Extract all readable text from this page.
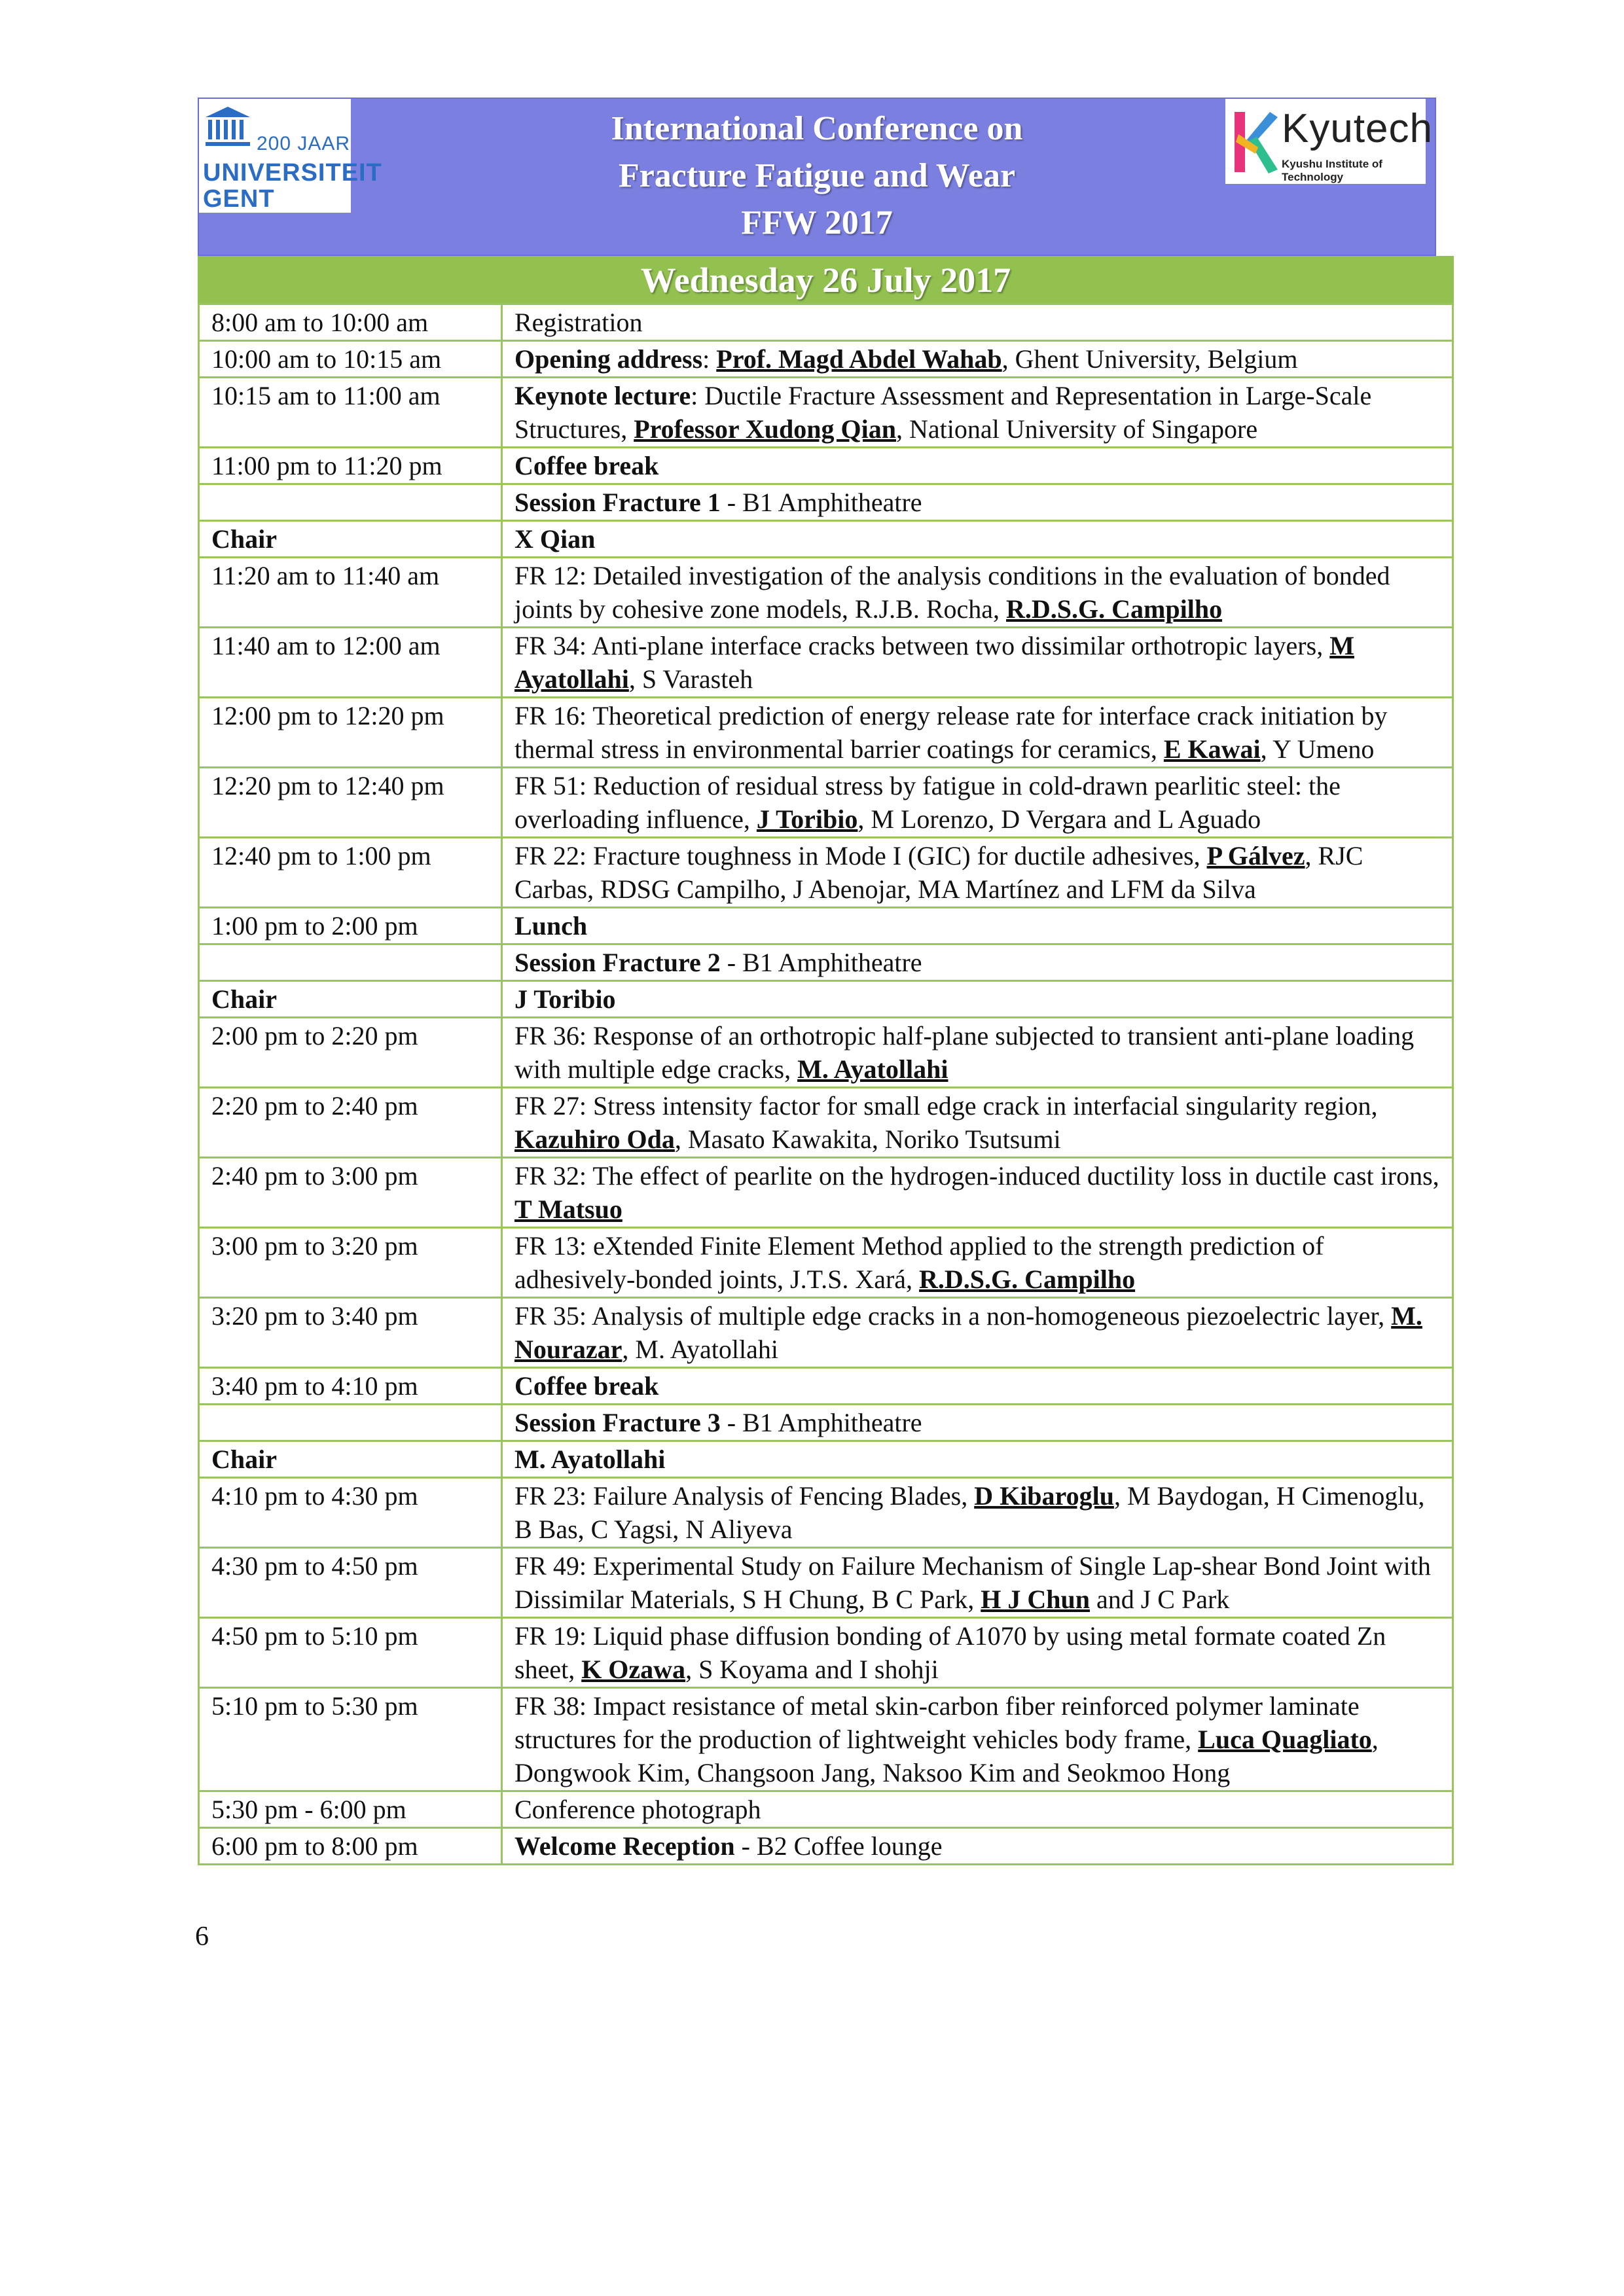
200 JAAR
UNIVERSITEIT
GENT
International Conference on
Fracture Fatigue and Wear
FFW 2017
Kyutech
Kyushu Institute of Technology
Wednesday 26 July 2017
8:00 am to 10:00 am	Registration
10:00 am to 10:15 am	Opening address: Prof. Magd Abdel Wahab, Ghent University, Belgium
10:15 am to 11:00 am	Keynote lecture: Ductile Fracture Assessment and Representation in Large-Scale Structures, Professor Xudong Qian, National University of Singapore
11:00 pm to 11:20 pm	Coffee break
	Session Fracture 1 - B1 Amphitheatre
Chair	X Qian
11:20 am to 11:40 am	FR 12: Detailed investigation of the analysis conditions in the evaluation of bonded joints by cohesive zone models, R.J.B. Rocha, R.D.S.G. Campilho
11:40 am to 12:00 am	FR 34: Anti-plane interface cracks between two dissimilar orthotropic layers, M Ayatollahi, S Varasteh
12:00 pm to 12:20 pm	FR 16: Theoretical prediction of energy release rate for interface crack initiation by thermal stress in environmental barrier coatings for ceramics, E Kawai, Y Umeno
12:20 pm to 12:40 pm	FR 51: Reduction of residual stress by fatigue in cold-drawn pearlitic steel: the overloading influence, J Toribio, M Lorenzo, D Vergara and L Aguado
12:40 pm to 1:00 pm	FR 22: Fracture toughness in Mode I (GIC) for ductile adhesives, P Gálvez, RJC Carbas, RDSG Campilho, J Abenojar, MA Martínez and LFM da Silva
1:00 pm to 2:00 pm	Lunch
	Session Fracture 2 - B1 Amphitheatre
Chair	J Toribio
2:00 pm to 2:20 pm	FR 36: Response of an orthotropic half-plane subjected to transient anti-plane loading with multiple edge cracks, M. Ayatollahi
2:20 pm to 2:40 pm	FR 27: Stress intensity factor for small edge crack in interfacial singularity region, Kazuhiro Oda, Masato Kawakita, Noriko Tsutsumi
2:40 pm to 3:00 pm	FR 32: The effect of pearlite on the hydrogen-induced ductility loss in ductile cast irons, T Matsuo
3:00 pm to 3:20 pm	FR 13: eXtended Finite Element Method applied to the strength prediction of adhesively-bonded joints, J.T.S. Xará, R.D.S.G. Campilho
3:20 pm to 3:40 pm	FR 35: Analysis of multiple edge cracks in a non-homogeneous piezoelectric layer, M. Nourazar, M. Ayatollahi
3:40 pm to 4:10 pm	Coffee break
	Session Fracture 3 - B1 Amphitheatre
Chair	M. Ayatollahi
4:10 pm to 4:30 pm	FR 23: Failure Analysis of Fencing Blades, D Kibaroglu, M Baydogan, H Cimenoglu, B Bas, C Yagsi, N Aliyeva
4:30 pm to 4:50 pm	FR 49: Experimental Study on Failure Mechanism of Single Lap-shear Bond Joint with Dissimilar Materials, S H Chung, B C Park, H J Chun and J C Park
4:50 pm to 5:10 pm	FR 19: Liquid phase diffusion bonding of A1070 by using metal formate coated Zn sheet, K Ozawa, S Koyama and I shohji
5:10 pm to 5:30 pm	FR 38: Impact resistance of metal skin-carbon fiber reinforced polymer laminate structures for the production of lightweight vehicles body frame, Luca Quagliato, Dongwook Kim, Changsoon Jang, Naksoo Kim and Seokmoo Hong
5:30 pm - 6:00 pm	Conference photograph
6:00 pm to 8:00 pm	Welcome Reception - B2 Coffee lounge
6
